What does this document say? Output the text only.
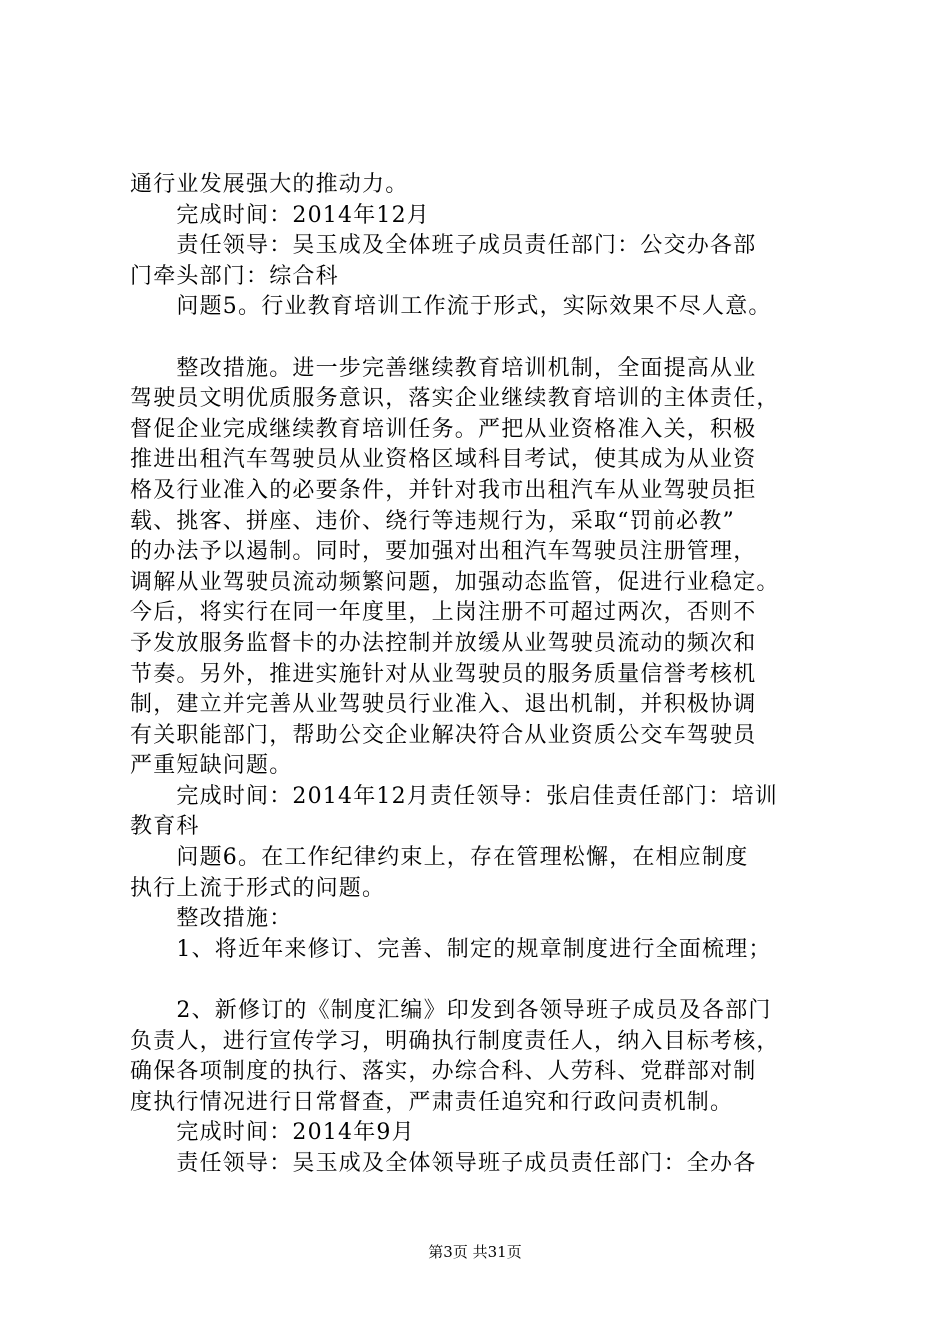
通行业发展强大的推动力。
　　完成时间：2014年12月
　　责任领导：吴玉成及全体班子成员责任部门：公交办各部
门牵头部门：综合科
　　问题5。行业教育培训工作流于形式，实际效果不尽人意。
　　整改措施。进一步完善继续教育培训机制，全面提高从业
驾驶员文明优质服务意识，落实企业继续教育培训的主体责任，
督促企业完成继续教育培训任务。严把从业资格准入关，积极
推进出租汽车驾驶员从业资格区域科目考试，使其成为从业资
格及行业准入的必要条件，并针对我市出租汽车从业驾驶员拒
载、挑客、拼座、违价、绕行等违规行为，采取“罚前必教”
的办法予以遏制。同时，要加强对出租汽车驾驶员注册管理，
调解从业驾驶员流动频繁问题，加强动态监管，促进行业稳定。
今后，将实行在同一年度里，上岗注册不可超过两次，否则不
予发放服务监督卡的办法控制并放缓从业驾驶员流动的频次和
节奏。另外，推进实施针对从业驾驶员的服务质量信誉考核机
制，建立并完善从业驾驶员行业准入、退出机制，并积极协调
有关职能部门，帮助公交企业解决符合从业资质公交车驾驶员
严重短缺问题。
　　完成时间：2014年12月责任领导：张启佳责任部门：培训
教育科
　　问题6。在工作纪律约束上，存在管理松懈，在相应制度
执行上流于形式的问题。
　　整改措施：
　　1、将近年来修订、完善、制定的规章制度进行全面梳理；
　　2、新修订的《制度汇编》印发到各领导班子成员及各部门
负责人，进行宣传学习，明确执行制度责任人，纳入目标考核，
确保各项制度的执行、落实，办综合科、人劳科、党群部对制
度执行情况进行日常督查，严肃责任追究和行政问责机制。
　　完成时间：2014年9月
　　责任领导：吴玉成及全体领导班子成员责任部门：全办各
第3页 共31页
